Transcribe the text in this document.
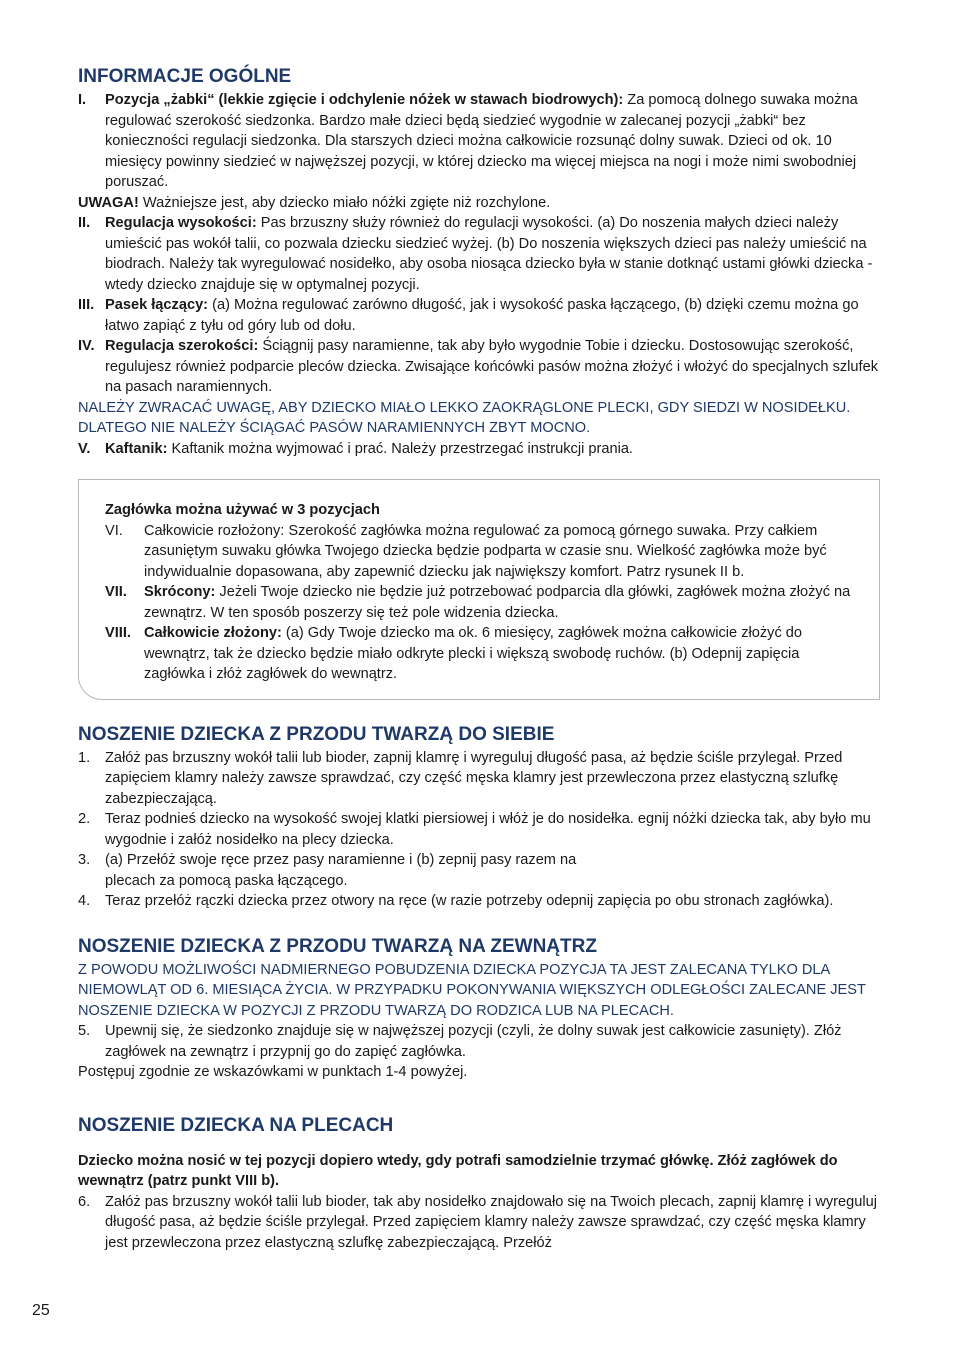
INFORMACJE OGÓLNE
I. Pozycja „żabki“ (lekkie zgięcie i odchylenie nóżek w stawach biodrowych): Za pomocą dolnego suwaka można regulować szerokość siedzonka. Bardzo małe dzieci będą siedzieć wygodnie w zalecanej pozycji „żabki“ bez konieczności regulacji siedzonka. Dla starszych dzieci można całkowicie rozsunąć dolny suwak. Dzieci od ok. 10 miesięcy powinny siedzieć w najwęższej pozycji, w której dziecko ma więcej miejsca na nogi i może nimi swobodniej poruszać.

UWAGA! Ważniejsze jest, aby dziecko miało nóżki zgięte niż rozchylone.

II. Regulacja wysokości: Pas brzuszny służy również do regulacji wysokości. (a) Do noszenia małych dzieci należy umieścić pas wokół talii, co pozwala dziecku siedzieć wyżej. (b) Do noszenia większych dzieci pas należy umieścić na biodrach. Należy tak wyregulować nosidełko, aby osoba niosąca dziecko była w stanie dotknąć ustami główki dziecka - wtedy dziecko znajduje się w optymalnej pozycji.

III. Pasek łączący: (a) Można regulować zarówno długość, jak i wysokość paska łączącego, (b) dzięki czemu można go łatwo zapiąć z tyłu od góry lub od dołu.

IV. Regulacja szerokości: Ściągnij pasy naramienne, tak aby było wygodnie Tobie i dziecku. Dostosowując szerokość, regulujesz również podparcie pleców dziecka. Zwisające końcówki pasów można złożyć i włożyć do specjalnych szlufek na pasach naramiennych.

NALEŻY ZWRACAĆ UWAGĘ, ABY DZIECKO MIAŁO LEKKO ZAOKRĄGLONE PLECKI, GDY SIEDZI W NOSIDEŁKU. DLATEGO NIE NALEŻY ŚCIĄGAĆ PASÓW NARAMIENNYCH ZBYT MOCNO.

V. Kaftanik: Kaftanik można wyjmować i prać. Należy przestrzegać instrukcji prania.

Zagłówka można używać w 3 pozycjach

VI. Całkowicie rozłożony: Szerokość zagłówka można regulować za pomocą górnego suwaka. Przy całkiem zasuniętym suwaku główka Twojego dziecka będzie podparta w czasie snu. Wielkość zagłówka może być indywidualnie dopasowana, aby zapewnić dziecku jak największy komfort. Patrz rysunek II b.

VII. Skrócony: Jeżeli Twoje dziecko nie będzie już potrzebować podparcia dla główki, zagłówek można złożyć na zewnątrz. W ten sposób poszerzy się też pole widzenia dziecka.

VIII. Całkowicie złożony: (a) Gdy Twoje dziecko ma ok. 6 miesięcy, zagłówek można całkowicie złożyć do wewnątrz, tak że dziecko będzie miało odkryte plecki i większą swobodę ruchów. (b) Odepnij zapięcia zagłówka i złóż zagłówek do wewnątrz.

NOSZENIE DZIECKA Z PRZODU TWARZĄ DO SIEBIE
1. Załóż pas brzuszny wokół talii lub bioder, zapnij klamrę i wyreguluj długość pasa, aż będzie ściśle przylegał. Przed zapięciem klamry należy zawsze sprawdzać, czy część męska klamry jest przewleczona przez elastyczną szlufkę zabezpieczającą.

2. Teraz podnieś dziecko na wysokość swojej klatki piersiowej i włóż je do nosidełka. egnij nóżki dziecka tak, aby było mu wygodnie i załóż nosidełko na plecy dziecka.

3. (a) Przełóż swoje ręce przez pasy naramienne i (b) zepnij pasy razem na

plecach za pomocą paska łączącego.

4. Teraz przełóż rączki dziecka przez otwory na ręce (w razie potrzeby odepnij zapięcia po obu stronach zagłówka).

NOSZENIE DZIECKA Z PRZODU TWARZĄ NA ZEWNĄTRZ

Z POWODU MOŻLIWOŚCI NADMIERNEGO POBUDZENIA DZIECKA POZYCJA TA JEST ZALECANA TYLKO DLA NIEMOWLĄT OD 6. MIESIĄCA ŻYCIA. W PRZYPADKU POKONYWANIA WIĘKSZYCH ODLEGŁOŚCI ZALECANE JEST NOSZENIE DZIECKA W POZYCJI Z PRZODU TWARZĄ DO RODZICA LUB NA PLECACH.

5. Upewnij się, że siedzonko znajduje się w najwęższej pozycji (czyli, że dolny suwak jest całkowicie zasunięty). Złóż zagłówek na zewnątrz i przypnij go do zapięć zagłówka.

Postępuj zgodnie ze wskazówkami w punktach 1-4 powyżej.

NOSZENIE DZIECKA NA PLECACH

Dziecko można nosić w tej pozycji dopiero wtedy, gdy potrafi samodzielnie trzymać główkę. Złóż zagłówek do wewnątrz (patrz punkt VIII b).

6. Załóż pas brzuszny wokół talii lub bioder, tak aby nosidełko znajdowało się na Twoich plecach, zapnij klamrę i wyreguluj długość pasa, aż będzie ściśle przylegał. Przed zapięciem klamry należy zawsze sprawdzać, czy część męska klamry jest przewleczona przez elastyczną szlufkę zabezpieczającą. Przełóż

25
